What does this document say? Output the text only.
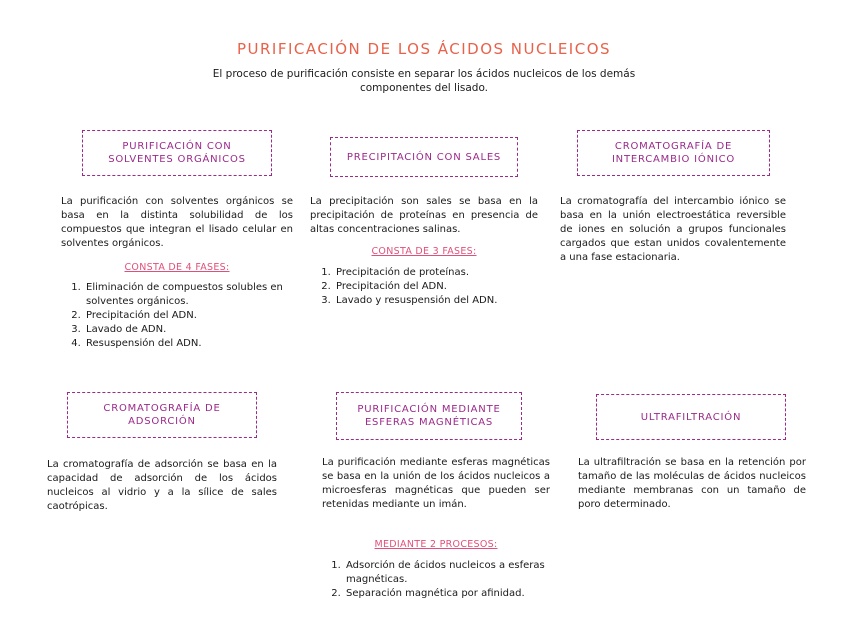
PURIFICACIÓN DE LOS ÁCIDOS NUCLEICOS
El proceso de purificación consiste en separar los ácidos nucleicos de los demás componentes del lisado.
PURIFICACIÓN CON SOLVENTES ORGÁNICOS
La purificación con solventes orgánicos se basa en la distinta solubilidad de los compuestos que integran el lisado celular en solventes orgánicos.
CONSTA DE 4 FASES:
1. Eliminación de compuestos solubles en solventes orgánicos.
2. Precipitación del ADN.
3. Lavado de ADN.
4. Resuspensión del ADN.
PRECIPITACIÓN CON SALES
La precipitación son sales se basa en la precipitación de proteínas en presencia de altas concentraciones salinas.
CONSTA DE 3 FASES:
1. Precipitación de proteínas.
2. Precipitación del ADN.
3. Lavado y resuspensión del ADN.
CROMATOGRAFÍA DE INTERCAMBIO IÓNICO
La cromatografía del intercambio iónico se basa en la unión electroestática reversible de iones en solución a grupos funcionales cargados que estan unidos covalentemente a una fase estacionaria.
CROMATOGRAFÍA DE ADSORCIÓN
La cromatografía de adsorción se basa en la capacidad de adsorción de los ácidos nucleicos al vidrio y a la sílice de sales caotrópicas.
PURIFICACIÓN MEDIANTE ESFERAS MAGNÉTICAS
La purificación mediante esferas magnéticas se basa en la unión de los ácidos nucleicos a microesferas magnéticas que pueden ser retenidas mediante un imán.
MEDIANTE 2 PROCESOS:
1. Adsorción de ácidos nucleicos a esferas magnéticas.
2. Separación magnética por afinidad.
ULTRAFILTRACIÓN
La ultrafiltración se basa en la retención por tamaño de las moléculas de ácidos nucleicos mediante membranas con un tamaño de poro determinado.
